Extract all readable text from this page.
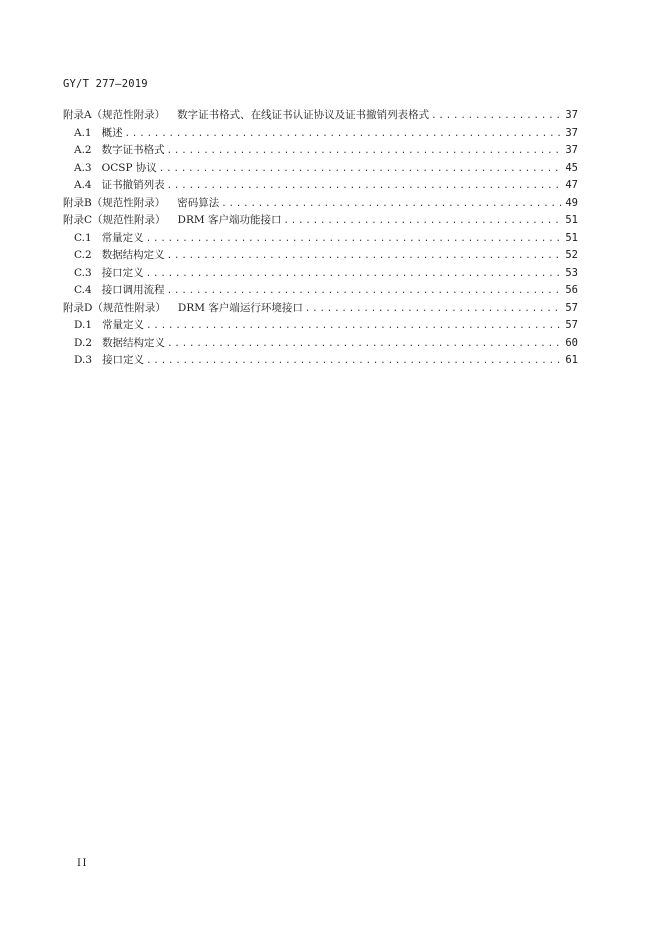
GY/T 277—2019
附录A（规范性附录） 数字证书格式、在线证书认证协议及证书撤销列表格式 .....	37
A.1 概述 .....	37
A.2 数字证书格式 .....	37
A.3 OCSP 协议 .....	45
A.4 证书撤销列表 .....	47
附录B（规范性附录） 密码算法 .....	49
附录C（规范性附录） DRM 客户端功能接口 .....	51
C.1 常量定义 .....	51
C.2 数据结构定义 .....	52
C.3 接口定义 .....	53
C.4 接口调用流程 .....	56
附录D（规范性附录） DRM 客户端运行环境接口 .....	57
D.1 常量定义 .....	57
D.2 数据结构定义 .....	60
D.3 接口定义 .....	61
II
